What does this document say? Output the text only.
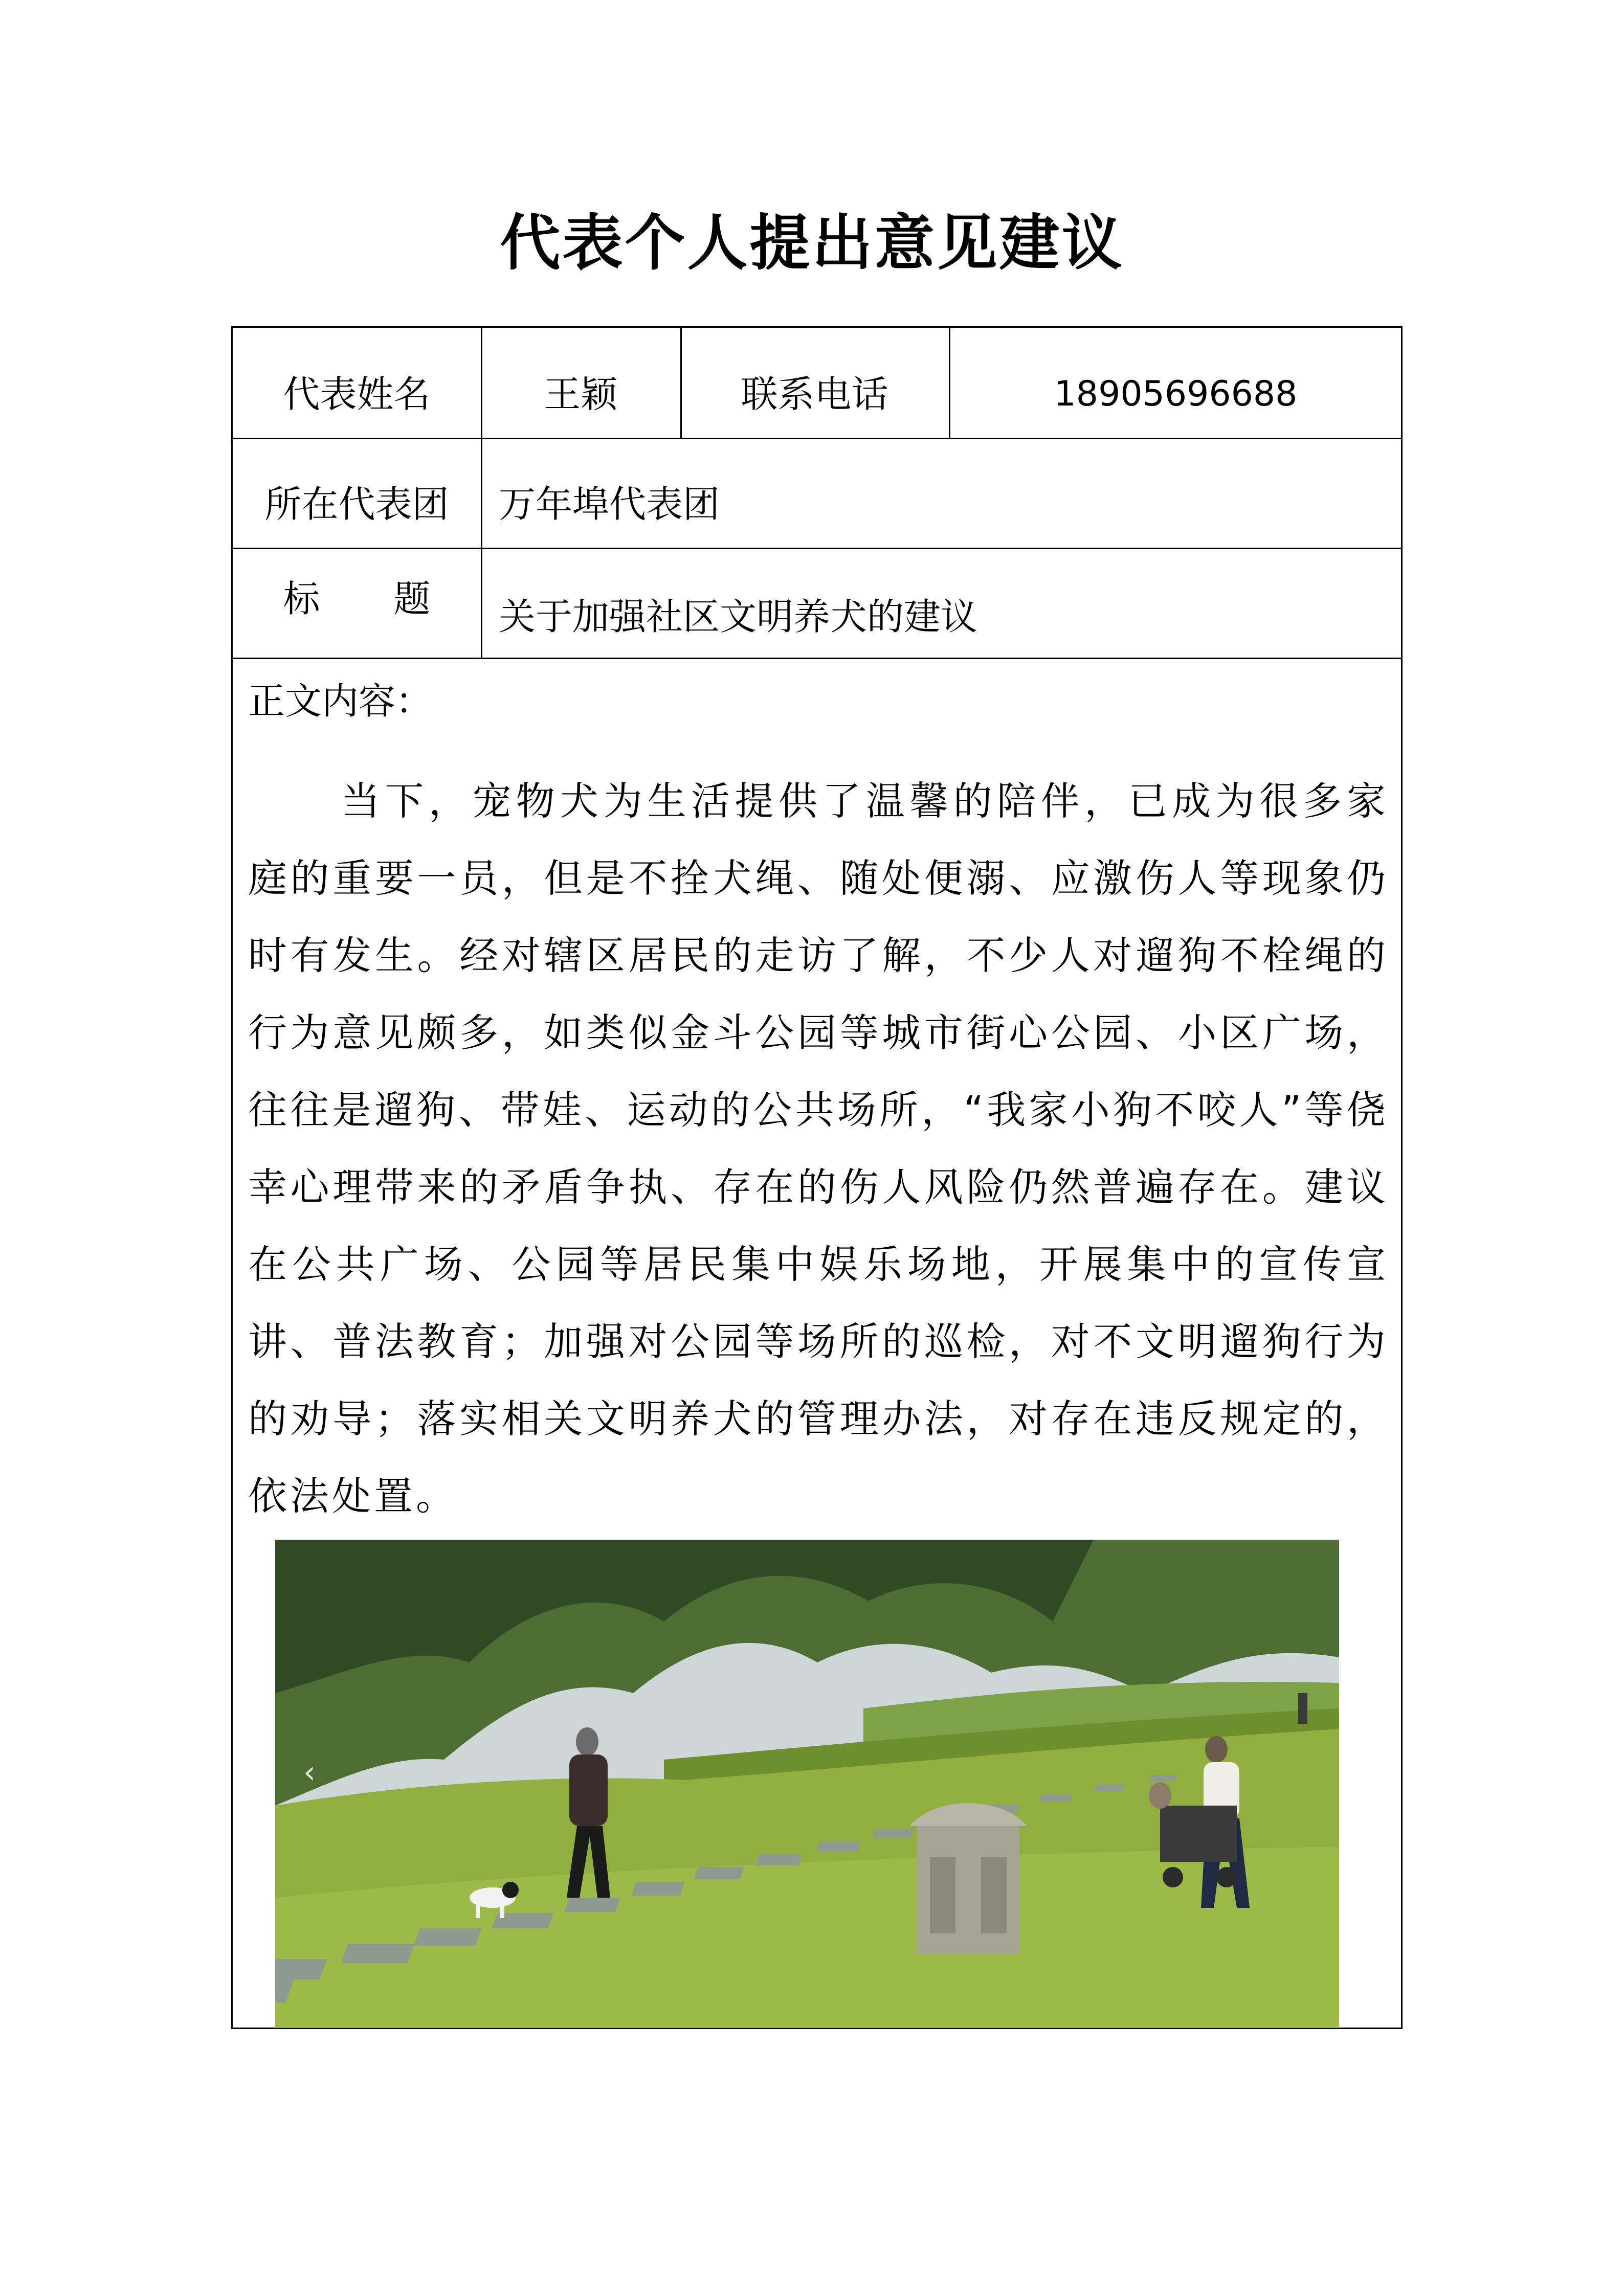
代表个人提出意见建议
代表姓名	王颖	联系电话	18905696688
所在代表团	万年埠代表团
标　　题	关于加强社区文明养犬的建议
正文内容：
当下，宠物犬为生活提供了温馨的陪伴，已成为很多家庭的重要一员，但是不拴犬绳、随处便溺、应激伤人等现象仍时有发生。经对辖区居民的走访了解，不少人对遛狗不栓绳的行为意见颇多，如类似金斗公园等城市街心公园、小区广场，往往是遛狗、带娃、运动的公共场所，“我家小狗不咬人”等侥幸心理带来的矛盾争执、存在的伤人风险仍然普遍存在。建议在公共广场、公园等居民集中娱乐场地，开展集中的宣传宣讲、普法教育；加强对公园等场所的巡检，对不文明遛狗行为的劝导；落实相关文明养犬的管理办法，对存在违反规定的，依法处置。
‹
